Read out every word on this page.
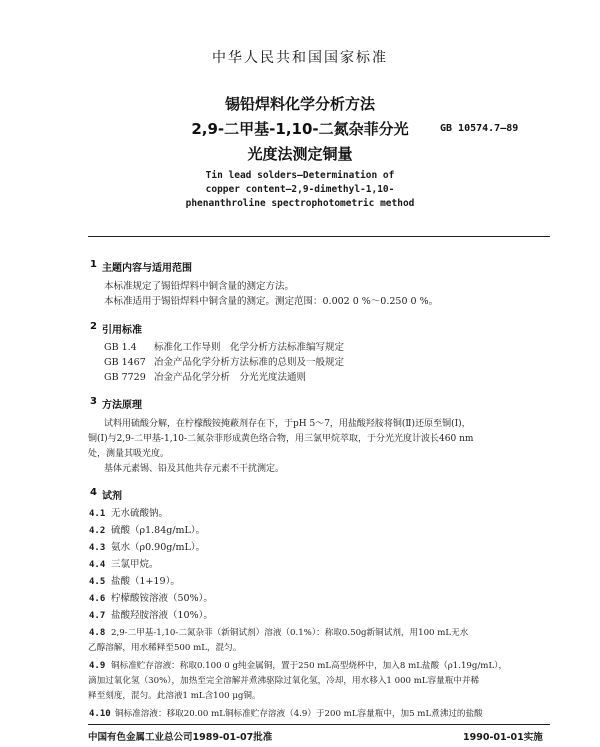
中华人民共和国国家标准
锡铅焊料化学分析方法
2,9-二甲基-1,10-二氮杂菲分光
光度法测定铜量
GB 10574.7—89
Tin lead solders—Determination of
copper content—2,9-dimethyl-1,10-
phenanthroline spectrophotometric method
1 主题内容与适用范围
本标准规定了锡铅焊料中铜含量的测定方法。
本标准适用于锡铅焊料中铜含量的测定。测定范围：0.002 0 %～0.250 0 %。
2 引用标准
GB 1.4 标准化工作导则　化学分析方法标准编写规定
GB 1467 冶金产品化学分析方法标准的总则及一般规定
GB 7729 冶金产品化学分析　分光光度法通则
3 方法原理
试料用硫酸分解，在柠檬酸铵掩蔽剂存在下，于pH 5～7，用盐酸羟胺将铜(Ⅱ)还原至铜(Ⅰ)，
铜(Ⅰ)与2,9-二甲基-1,10-二氮杂菲形成黄色络合物，用三氯甲烷萃取，于分光光度计波长460 nm
处，测量其吸光度。
基体元素锡、铅及其他共存元素不干扰测定。
4 试剂
4.1 无水硫酸钠。
4.2 硫酸（ρ1.84g/mL）。
4.3 氨水（ρ0.90g/mL）。
4.4 三氯甲烷。
4.5 盐酸（1+19）。
4.6 柠檬酸铵溶液（50%）。
4.7 盐酸羟胺溶液（10%）。
4.8 2,9-二甲基-1,10-二氮杂菲（新铜试剂）溶液（0.1%）：称取0.50g新铜试剂，用100 mL无水
乙醇溶解，用水稀释至500 mL，混匀。
4.9 铜标准贮存溶液：称取0.100 0 g纯金属铜，置于250 mL高型烧杯中，加入8 mL盐酸（ρ1.19g/mL），
滴加过氧化氢（30%），加热至完全溶解并煮沸驱除过氧化氢，冷却，用水移入1 000 mL容量瓶中并稀
释至刻度，混匀。此溶液1 mL含100 μg铜。
4.10 铜标准溶液：移取20.00 mL铜标准贮存溶液（4.9）于200 mL容量瓶中，加5 mL煮沸过的盐酸
中国有色金属工业总公司1989-01-07批准	1990-01-01实施
